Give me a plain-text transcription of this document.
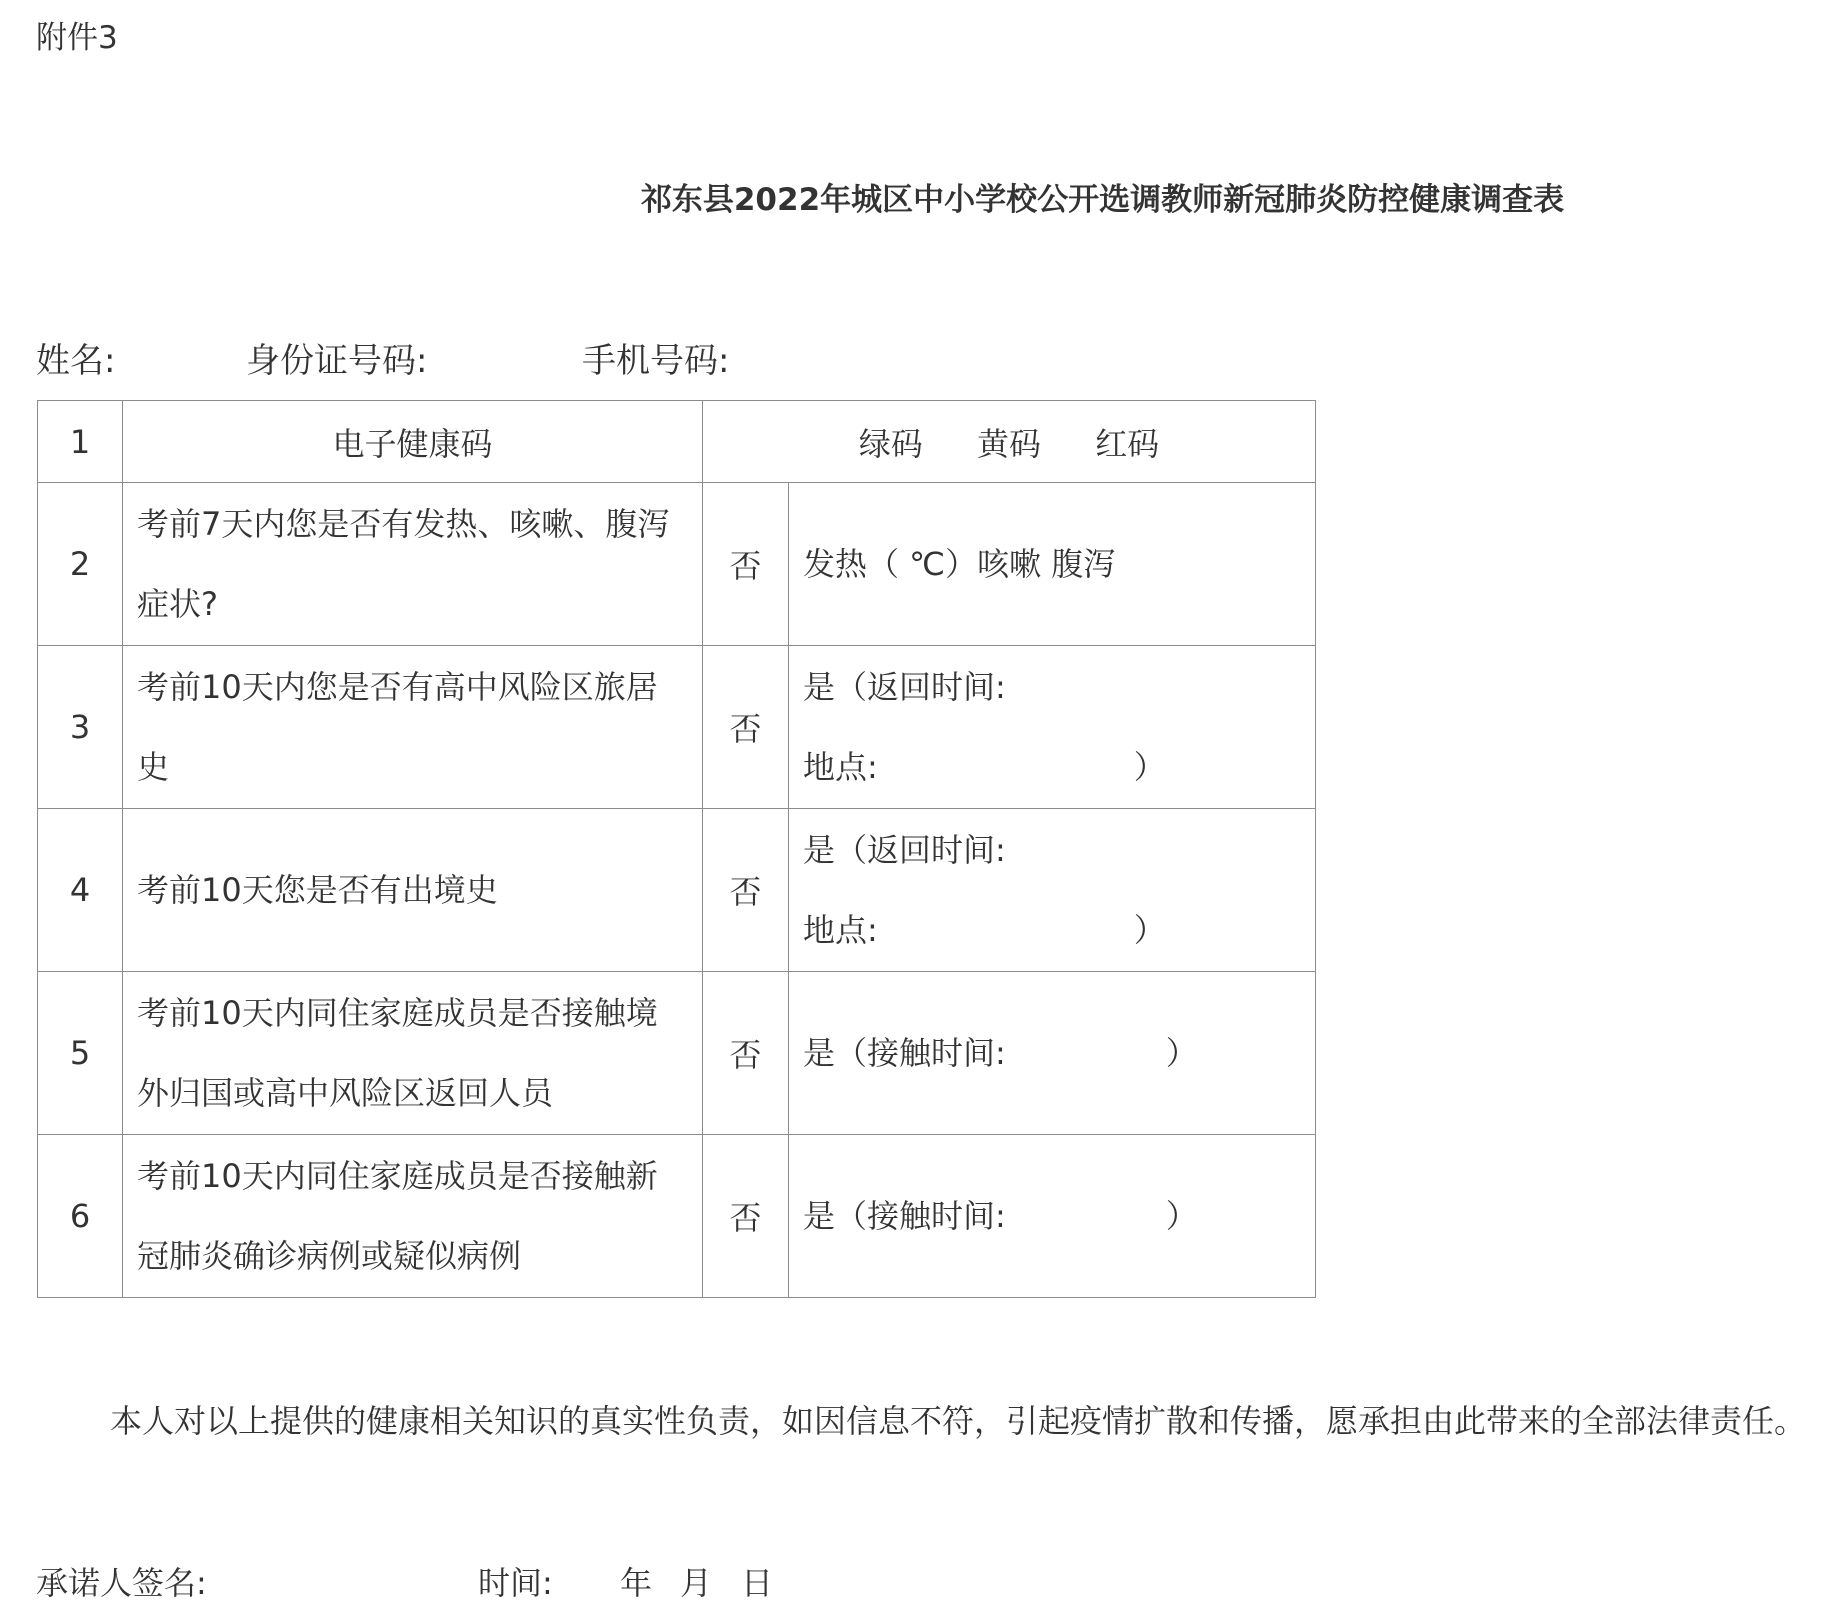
附件3
祁东县2022年城区中小学校公开选调教师新冠肺炎防控健康调查表
姓名:	身份证号码:	手机号码:
1	电子健康码	绿码 黄码 红码	
2	考前7天内您是否有发热、咳嗽、腹泻症状?	否	发热（ ℃）咳嗽 腹泻

3	考前10天内您是否有高中风险区旅居史	否	是（返回时间:
地点:　　　　　　　　）

4	考前10天您是否有出境史	否	是（返回时间:
地点:　　　　　　　　）

5	考前10天内同住家庭成员是否接触境外归国或高中风险区返回人员	否	是（接触时间:　　　　　）

6	考前10天内同住家庭成员是否接触新冠肺炎确诊病例或疑似病例	否	是（接触时间:　　　　　）
本人对以上提供的健康相关知识的真实性负责，如因信息不符，引起疫情扩散和传播，愿承担由此带来的全部法律责任。
承诺人签名:	时间: 年 月 日
